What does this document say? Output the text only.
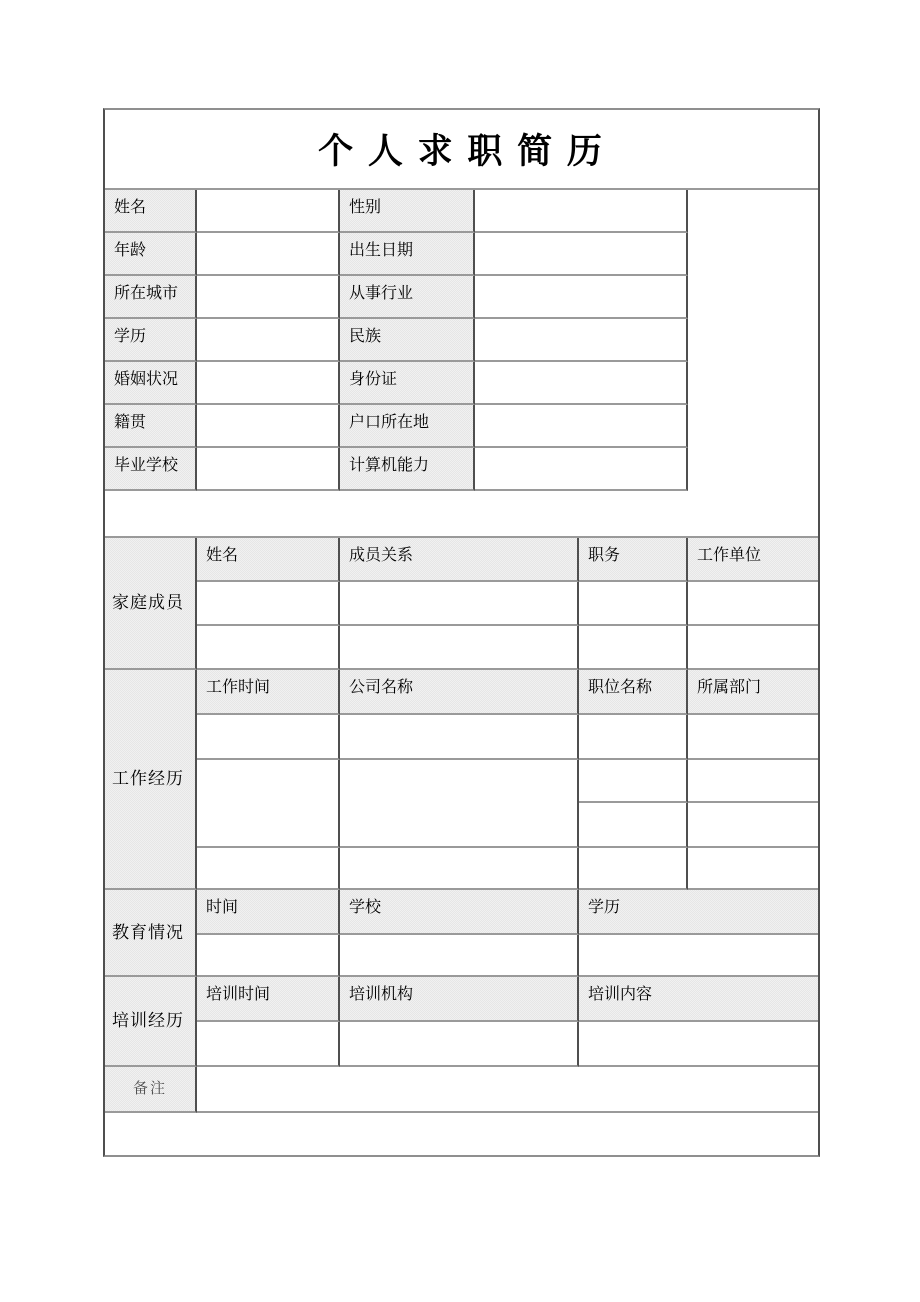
个 人 求 职 简 历
姓名	性别
年龄	出生日期
所在城市	从事行业
学历	民族
婚姻状况	身份证
籍贯	户口所在地
毕业学校	计算机能力
家庭成员
姓名	成员关系	职务	工作单位
工作经历
工作时间	公司名称	职位名称	所属部门
教育情况
时间	学校	学历
培训经历
培训时间	培训机构	培训内容
备注
